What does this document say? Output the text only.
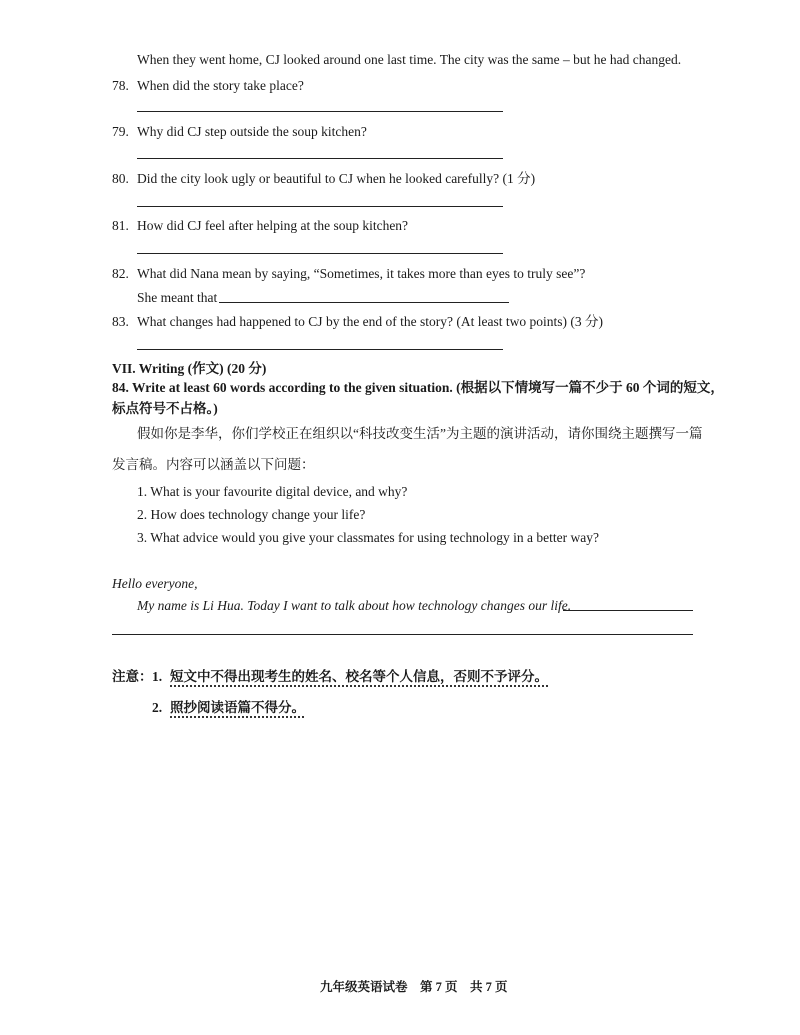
When they went home, CJ looked around one last time. The city was the same – but he had changed.
78. When did the story take place?
79. Why did CJ step outside the soup kitchen?
80. Did the city look ugly or beautiful to CJ when he looked carefully? (1 分)
81. How did CJ feel after helping at the soup kitchen?
82. What did Nana mean by saying, “Sometimes, it takes more than eyes to truly see”?
She meant that
83. What changes had happened to CJ by the end of the story? (At least two points) (3 分)
VII. Writing (作文) (20 分)
84. Write at least 60 words according to the given situation. (根据以下情境写一篇不少于 60 个词的短文，
标点符号不占格。)
假如你是李华，你们学校正在组织以“科技改变生活”为主题的演讲活动，请你围绕主题撰写一篇
发言稿。内容可以涵盖以下问题：
1. What is your favourite digital device, and why?
2. How does technology change your life?
3. What advice would you give your classmates for using technology in a better way?
Hello everyone,
My name is Li Hua. Today I want to talk about how technology changes our life.
注意： 1. 短文中不得出现考生的姓名、校名等个人信息，否则不予评分。
2. 照抄阅读语篇不得分。
九年级英语试卷　第 7 页　共 7 页
